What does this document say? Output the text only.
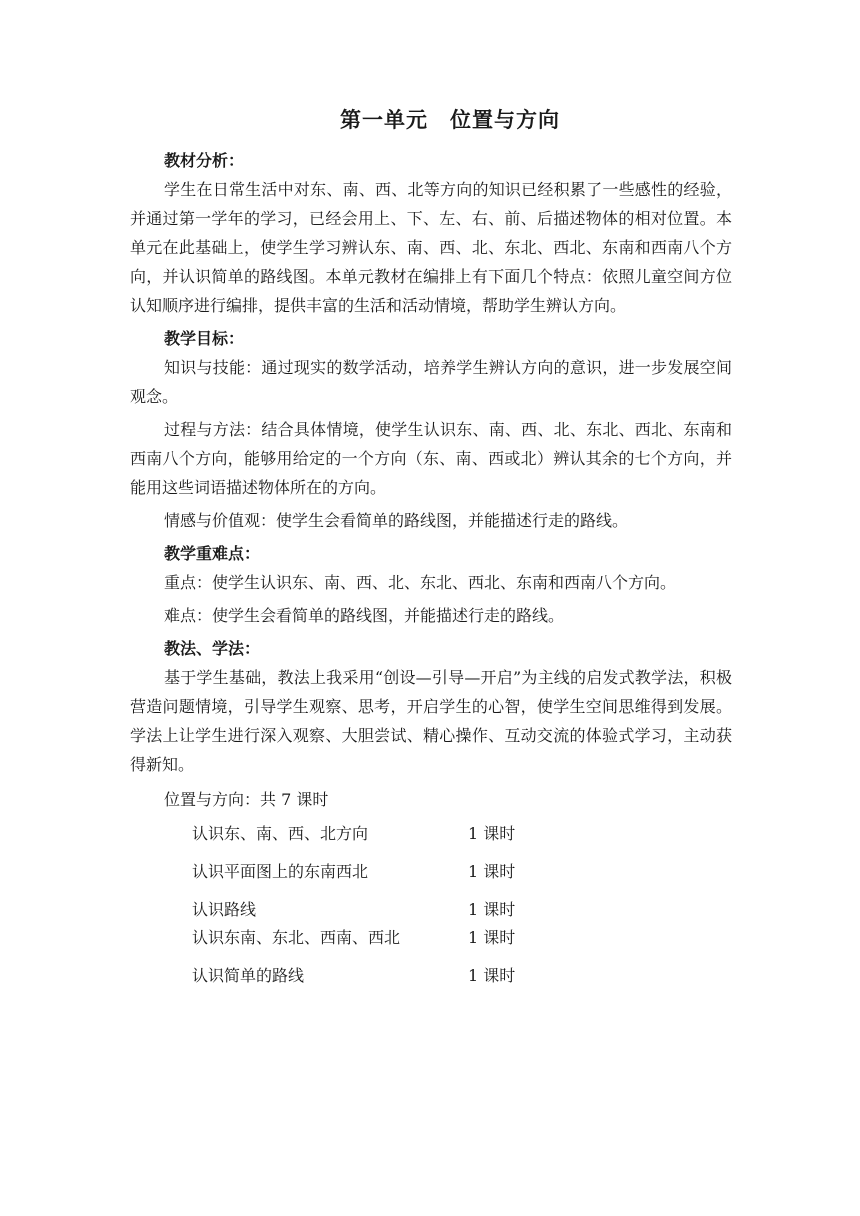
第一单元　位置与方向

教材分析：

学生在日常生活中对东、南、西、北等方向的知识已经积累了一些感性的经验，并通过第一学年的学习，已经会用上、下、左、右、前、后描述物体的相对位置。本单元在此基础上，使学生学习辨认东、南、西、北、东北、西北、东南和西南八个方向，并认识简单的路线图。本单元教材在编排上有下面几个特点：依照儿童空间方位认知顺序进行编排，提供丰富的生活和活动情境，帮助学生辨认方向。

教学目标：

知识与技能：通过现实的数学活动，培养学生辨认方向的意识，进一步发展空间观念。

过程与方法：结合具体情境，使学生认识东、南、西、北、东北、西北、东南和西南八个方向，能够用给定的一个方向（东、南、西或北）辨认其余的七个方向，并能用这些词语描述物体所在的方向。

情感与价值观：使学生会看简单的路线图，并能描述行走的路线。

教学重难点：

重点：使学生认识东、南、西、北、东北、西北、东南和西南八个方向。

难点：使学生会看简单的路线图，并能描述行走的路线。

教法、学法：

基于学生基础，教法上我采用“创设—引导—开启”为主线的启发式教学法，积极营造问题情境，引导学生观察、思考，开启学生的心智，使学生空间思维得到发展。学法上让学生进行深入观察、大胆尝试、精心操作、互动交流的体验式学习，主动获得新知。

位置与方向：共 7 课时

认识东、南、西、北方向	1 课时
认识平面图上的东南西北	1 课时
认识路线	1 课时
认识东南、东北、西南、西北	1 课时
认识简单的路线	1 课时
